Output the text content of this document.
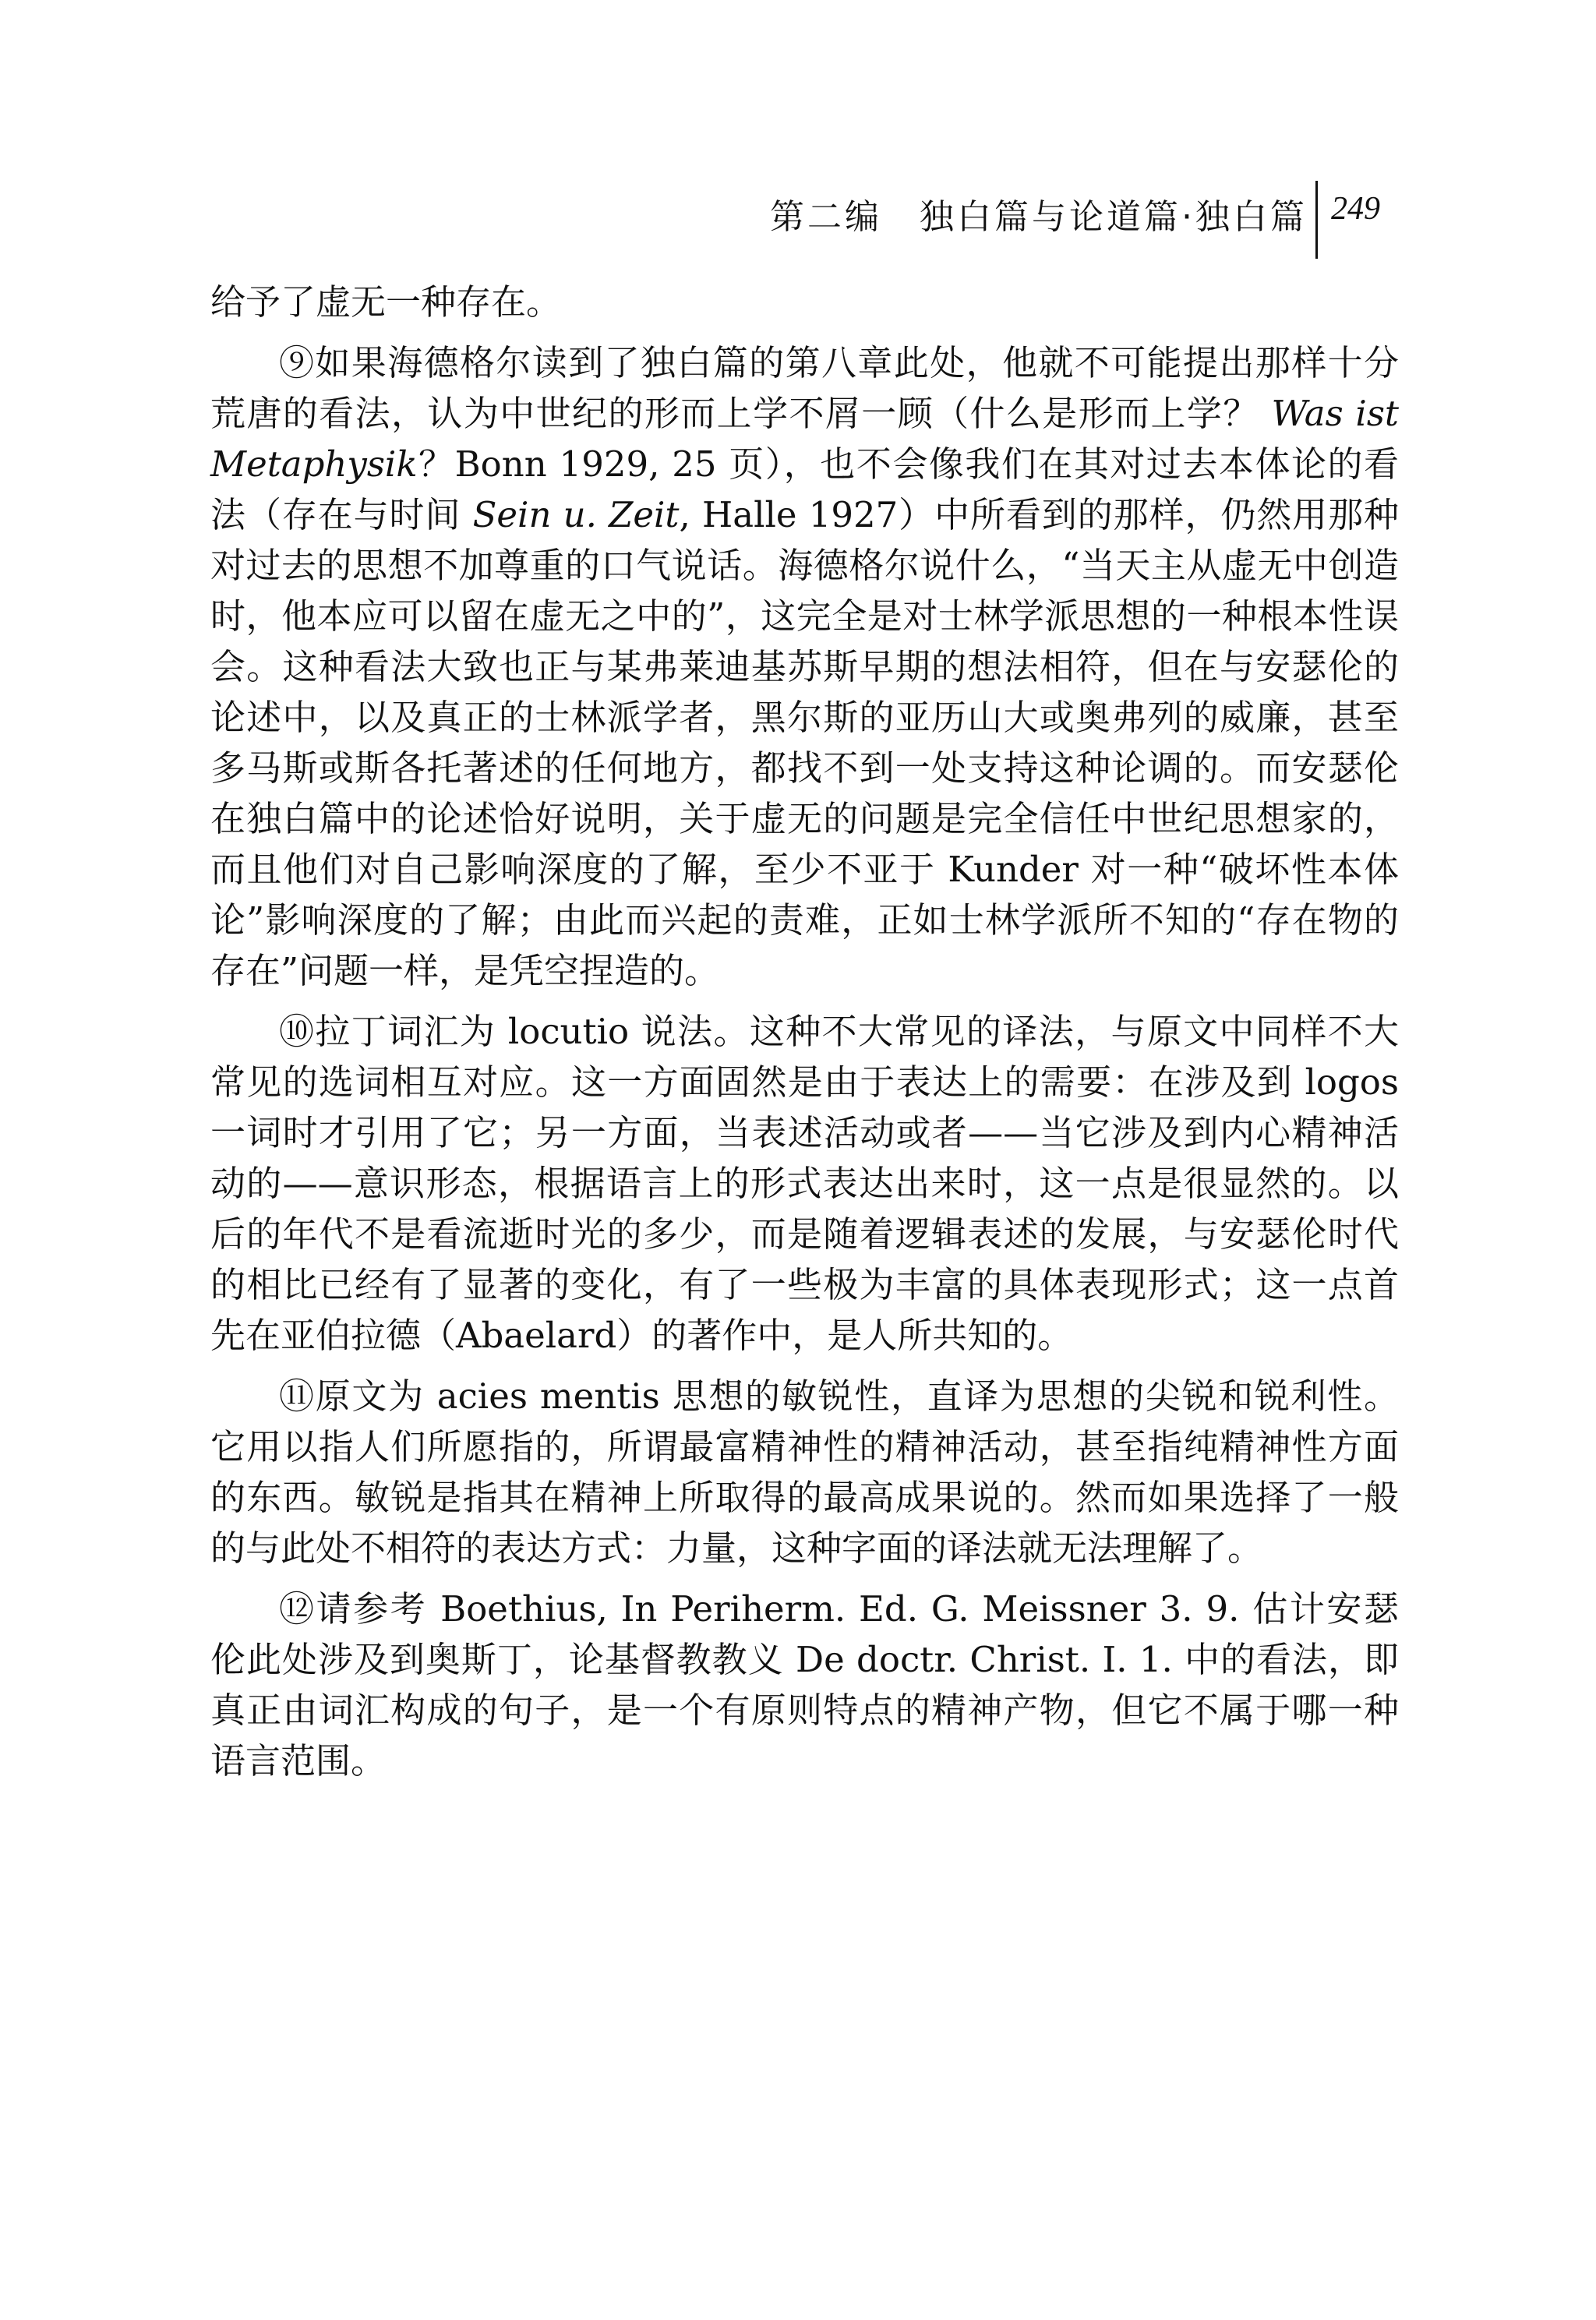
第二编　独白篇与论道篇·独白篇 249

给予了虚无一种存在。

⑨如果海德格尔读到了独白篇的第八章此处，他就不可能提出那样十分荒唐的看法，认为中世纪的形而上学不屑一顾（什么是形而上学？ Was ist Metaphysik？Bonn 1929, 25 页），也不会像我们在其对过去本体论的看法（存在与时间 Sein u. Zeit, Halle 1927）中所看到的那样，仍然用那种对过去的思想不加尊重的口气说话。海德格尔说什么，“当天主从虚无中创造时，他本应可以留在虚无之中的”，这完全是对士林学派思想的一种根本性误会。这种看法大致也正与某弗莱迪基苏斯早期的想法相符，但在与安瑟伦的论述中，以及真正的士林派学者，黑尔斯的亚历山大或奥弗列的威廉，甚至多马斯或斯各托著述的任何地方，都找不到一处支持这种论调的。而安瑟伦在独白篇中的论述恰好说明，关于虚无的问题是完全信任中世纪思想家的，而且他们对自己影响深度的了解，至少不亚于 Kunder 对一种“破坏性本体论”影响深度的了解；由此而兴起的责难，正如士林学派所不知的“存在物的存在”问题一样，是凭空捏造的。

⑩拉丁词汇为 locutio 说法。这种不大常见的译法，与原文中同样不大常见的选词相互对应。这一方面固然是由于表达上的需要：在涉及到 logos 一词时才引用了它；另一方面，当表述活动或者——当它涉及到内心精神活动的——意识形态，根据语言上的形式表达出来时，这一点是很显然的。以后的年代不是看流逝时光的多少，而是随着逻辑表述的发展，与安瑟伦时代的相比已经有了显著的变化，有了一些极为丰富的具体表现形式；这一点首先在亚伯拉德（Abaelard）的著作中，是人所共知的。

⑪原文为 acies mentis 思想的敏锐性，直译为思想的尖锐和锐利性。它用以指人们所愿指的，所谓最富精神性的精神活动，甚至指纯精神性方面的东西。敏锐是指其在精神上所取得的最高成果说的。然而如果选择了一般的与此处不相符的表达方式：力量，这种字面的译法就无法理解了。

⑫请参考 Boethius, In Periherm. Ed. G. Meissner 3. 9. 估计安瑟伦此处涉及到奥斯丁，论基督教教义 De doctr. Christ. I. 1. 中的看法，即真正由词汇构成的句子，是一个有原则特点的精神产物，但它不属于哪一种语言范围。
